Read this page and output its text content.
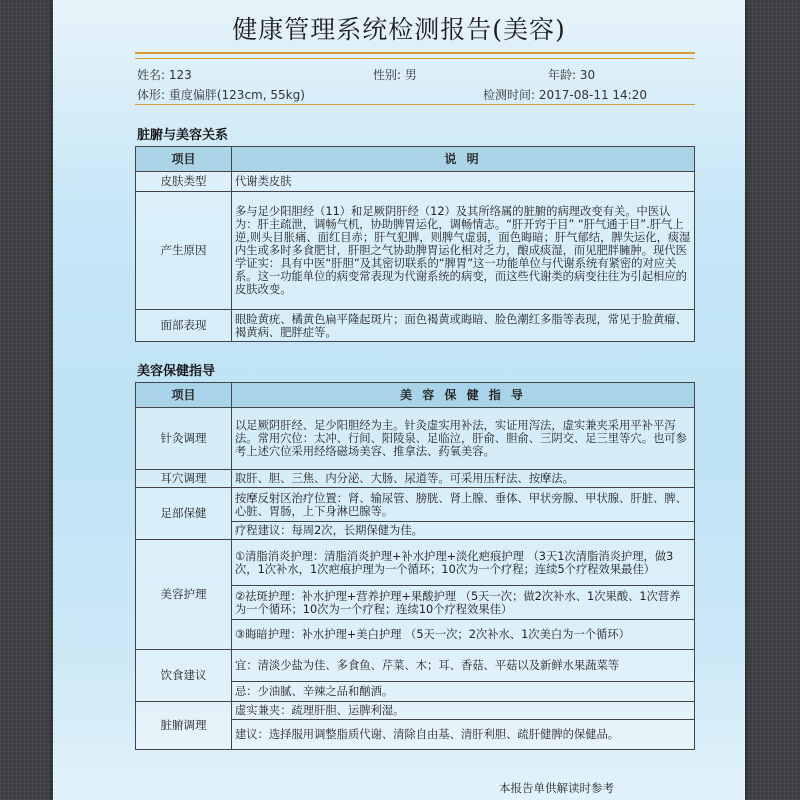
健康管理系统检测报告(美容)
姓名: 123	性别: 男	年龄: 30
体形: 重度偏胖(123cm, 55kg)	检测时间: 2017-08-11 14:20
脏腑与美容关系
项目	说 明
皮肤类型	代谢类皮肤
产生原因	多与足少阳胆经（11）和足厥阴肝经（12）及其所络属的脏腑的病理改变有关。中医认为：肝主疏泄，调畅气机，协助脾胃运化，调畅情志。“肝开窍于目” “肝气通于目”.肝气上逆,则头目胀痛、面红目赤；肝气犯脾，则脾气虚弱，面色晦暗；肝气郁结，脾失运化，痰湿内生或多时多食肥甘，肝胆之气协助脾胃运化相对乏力，酿成痰湿，而见肥胖臃肿。现代医学证实：具有中医“肝胆”及其密切联系的“脾胃”这一功能单位与代谢系统有紧密的对应关系。这一功能单位的病变常表现为代谢系统的病变，而这些代谢类的病变往往为引起相应的皮肤改变。
面部表现	眼睑黄疣、橘黄色扁平隆起斑片；面色褐黄或晦暗、脸色潮红多脂等表现，常见于脸黄瘤、褐黄病、肥胖症等。
美容保健指导
项目	美 容 保 健 指 导
针灸调理	以足厥阴肝经、足少阳胆经为主。针灸虚实用补法，实证用泻法，虚实兼夹采用平补平泻法。常用穴位：太冲、行间、阳陵泉、足临泣，肝俞、胆俞、三阴交、足三里等穴。也可参考上述穴位采用经络磁场美容、推拿法、药氧美容。
耳穴调理	取肝、胆、三焦、内分泌、大肠、尿道等。可采用压籽法、按摩法。
足部保健	按摩反射区治疗位置：肾、输尿管、膀胱、肾上腺、垂体、甲状旁腺、甲状腺、肝脏、脾、心脏、胃肠，上下身淋巴腺等。
	疗程建议：每周2次，长期保健为佳。
美容护理	①清脂消炎护理：清脂消炎护理+补水护理+淡化疤痕护理 （3天1次清脂消炎护理，做3次，1次补水，1次疤痕护理为一个循环；10次为一个疗程；连续5个疗程效果最佳）
	②祛斑护理：补水护理+营养护理+果酸护理 （5天一次；做2次补水、1次果酸、1次营养为一个循环；10次为一个疗程；连续10个疗程效果佳）
	③晦暗护理：补水护理+美白护理 （5天一次；2次补水、1次美白为一个循环）
饮食建议	宜：清淡少盐为佳、多食鱼、芹菜、木；耳、香菇、平菇以及新鲜水果蔬菜等
	忌：少油腻、辛辣之品和酗酒。
脏腑调理	虚实兼夹：疏理肝胆、运脾利湿。
	建议：选择服用调整脂质代谢、清除自由基、清肝利胆、疏肝健脾的保健品。
本报告单供解读时参考
